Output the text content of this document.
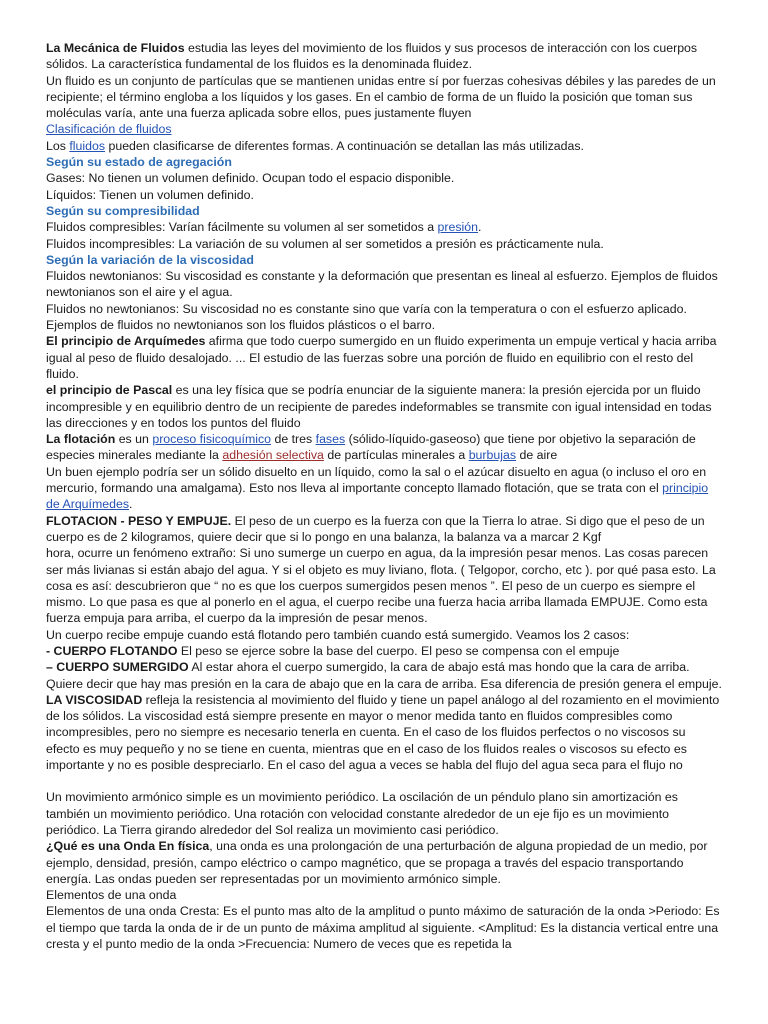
La Mecánica de Fluidos estudia las leyes del movimiento de los fluidos y sus procesos de interacción con los cuerpos sólidos. La característica fundamental de los fluidos es la denominada fluidez.

Un fluido es un conjunto de partículas que se mantienen unidas entre sí por fuerzas cohesivas débiles y las paredes de un recipiente; el término engloba a los líquidos y los gases. En el cambio de forma de un fluido la posición que toman sus moléculas varía, ante una fuerza aplicada sobre ellos, pues justamente fluyen

Clasificación de fluidos

Los fluidos pueden clasificarse de diferentes formas. A continuación se detallan las más utilizadas.

Según su estado de agregación

Gases: No tienen un volumen definido. Ocupan todo el espacio disponible.

Líquidos: Tienen un volumen definido.

Según su compresibilidad

Fluidos compresibles: Varían fácilmente su volumen al ser sometidos a presión.

Fluidos incompresibles: La variación de su volumen al ser sometidos a presión es prácticamente nula.

Según la variación de la viscosidad

Fluidos newtonianos: Su viscosidad es constante y la deformación que presentan es lineal al esfuerzo. Ejemplos de fluidos newtonianos son el aire y el agua.

Fluidos no newtonianos: Su viscosidad no es constante sino que varía con la temperatura o con el esfuerzo aplicado. Ejemplos de fluidos no newtonianos son los fluidos plásticos o el barro.

El principio de Arquímedes afirma que todo cuerpo sumergido en un fluido experimenta un empuje vertical y hacia arriba igual al peso de fluido desalojado. ... El estudio de las fuerzas sobre una porción de fluido en equilibrio con el resto del fluido.

el principio de Pascal es una ley física que se podría enunciar de la siguiente manera: la presión ejercida por un fluido incompresible y en equilibrio dentro de un recipiente de paredes indeformables se transmite con igual intensidad en todas las direcciones y en todos los puntos del fluido

La flotación es un proceso fisicoquímico de tres fases (sólido-líquido-gaseoso) que tiene por objetivo la separación de especies minerales mediante la adhesión selectiva de partículas minerales a burbujas de aire

Un buen ejemplo podría ser un sólido disuelto en un líquido, como la sal o el azúcar disuelto en agua (o incluso el oro en mercurio, formando una amalgama). Esto nos lleva al importante concepto llamado flotación, que se trata con el principio de Arquímedes.

FLOTACION - PESO Y EMPUJE. El peso de un cuerpo es la fuerza con que la Tierra lo atrae. Si digo que el peso de un cuerpo es de 2 kilogramos, quiere decir que si lo pongo en una balanza, la balanza va a marcar 2 Kgf

hora, ocurre un fenómeno extraño: Si uno sumerge un cuerpo en agua, da la impresión pesar menos. Las cosas parecen ser más livianas si están abajo del agua. Y si el objeto es muy liviano, flota. ( Telgopor, corcho, etc ). por qué pasa esto. La cosa es así: descubrieron que “ no es que los cuerpos sumergidos pesen menos ”. El peso de un cuerpo es siempre el mismo. Lo que pasa es que al ponerlo en el agua, el cuerpo recibe una fuerza hacia arriba llamada EMPUJE. Como esta fuerza empuja para arriba, el cuerpo da la impresión de pesar menos.

Un cuerpo recibe empuje cuando está flotando pero también cuando está sumergido. Veamos los 2 casos:

- CUERPO FLOTANDO El peso se ejerce sobre la base del cuerpo. El peso se compensa con el empuje

– CUERPO SUMERGIDO Al estar ahora el cuerpo sumergido, la cara de abajo está mas hondo que la cara de arriba. Quiere decir que hay mas presión en la cara de abajo que en la cara de arriba. Esa diferencia de presión genera el empuje.

LA VISCOSIDAD refleja la resistencia al movimiento del fluido y tiene un papel análogo al del rozamiento en el movimiento de los sólidos. La viscosidad está siempre presente en mayor o menor medida tanto en fluidos compresibles como incompresibles, pero no siempre es necesario tenerla en cuenta. En el caso de los fluidos perfectos o no viscosos su efecto es muy pequeño y no se tiene en cuenta, mientras que en el caso de los fluidos reales o viscosos su efecto es importante y no es posible despreciarlo. En el caso del agua a veces se habla del flujo del agua seca para el flujo no

Un movimiento armónico simple es un movimiento periódico. La oscilación de un péndulo plano sin amortización es también un movimiento periódico. Una rotación con velocidad constante alrededor de un eje fijo es un movimiento periódico. La Tierra girando alrededor del Sol realiza un movimiento casi periódico.

¿Qué es una Onda En física, una onda es una prolongación de una perturbación de alguna propiedad de un medio, por ejemplo, densidad, presión, campo eléctrico o campo magnético, que se propaga a través del espacio transportando energía. Las ondas pueden ser representadas por un movimiento armónico simple.

Elementos de una onda

Elementos de una onda Cresta: Es el punto mas alto de la amplitud o punto máximo de saturación de la onda >Periodo: Es el tiempo que tarda la onda de ir de un punto de máxima amplitud al siguiente. <Amplitud: Es la distancia vertical entre una cresta y el punto medio de la onda >Frecuencia: Numero de veces que es repetida la
